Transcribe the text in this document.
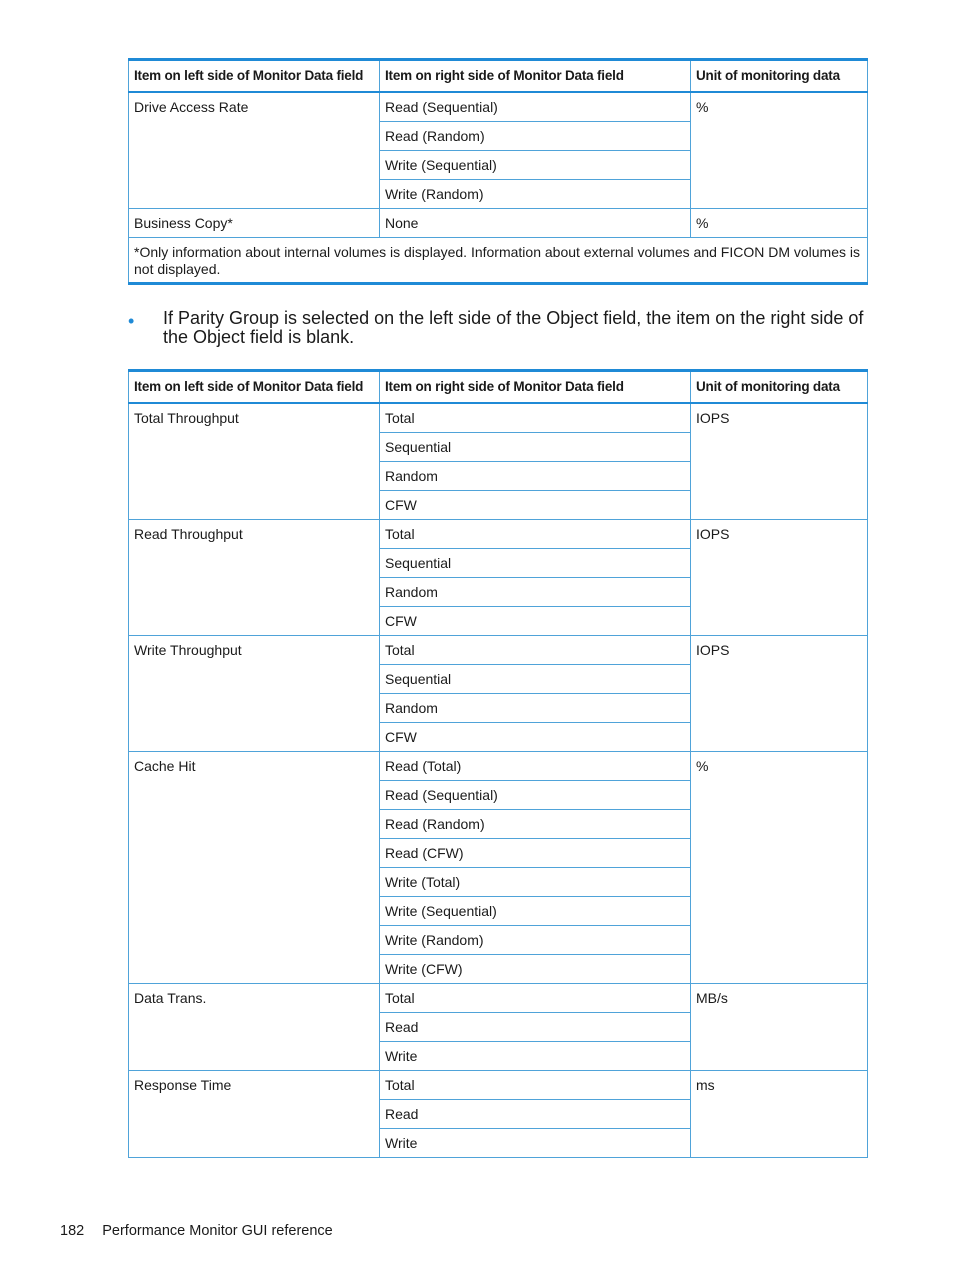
Item on left side of Monitor Data field	Item on right side of Monitor Data field	Unit of monitoring data
Drive Access Rate	Read (Sequential)	%
	Read (Random)	
	Write (Sequential)	
	Write (Random)	
Business Copy*	None	%
*Only information about internal volumes is displayed. Information about external volumes and FICON DM volumes is not displayed.		
• If Parity Group is selected on the left side of the Object field, the item on the right side of the Object field is blank.
Item on left side of Monitor Data field	Item on right side of Monitor Data field	Unit of monitoring data
Total Throughput	Total	IOPS
	Sequential	
	Random	
	CFW	
Read Throughput	Total	IOPS
	Sequential	
	Random	
	CFW	
Write Throughput	Total	IOPS
	Sequential	
	Random	
	CFW	
Cache Hit	Read (Total)	%
	Read (Sequential)	
	Read (Random)	
	Read (CFW)	
	Write (Total)	
	Write (Sequential)	
	Write (Random)	
	Write (CFW)	
Data Trans.	Total	MB/s
	Read	
	Write	
Response Time	Total	ms
	Read	
	Write	
182 Performance Monitor GUI reference
